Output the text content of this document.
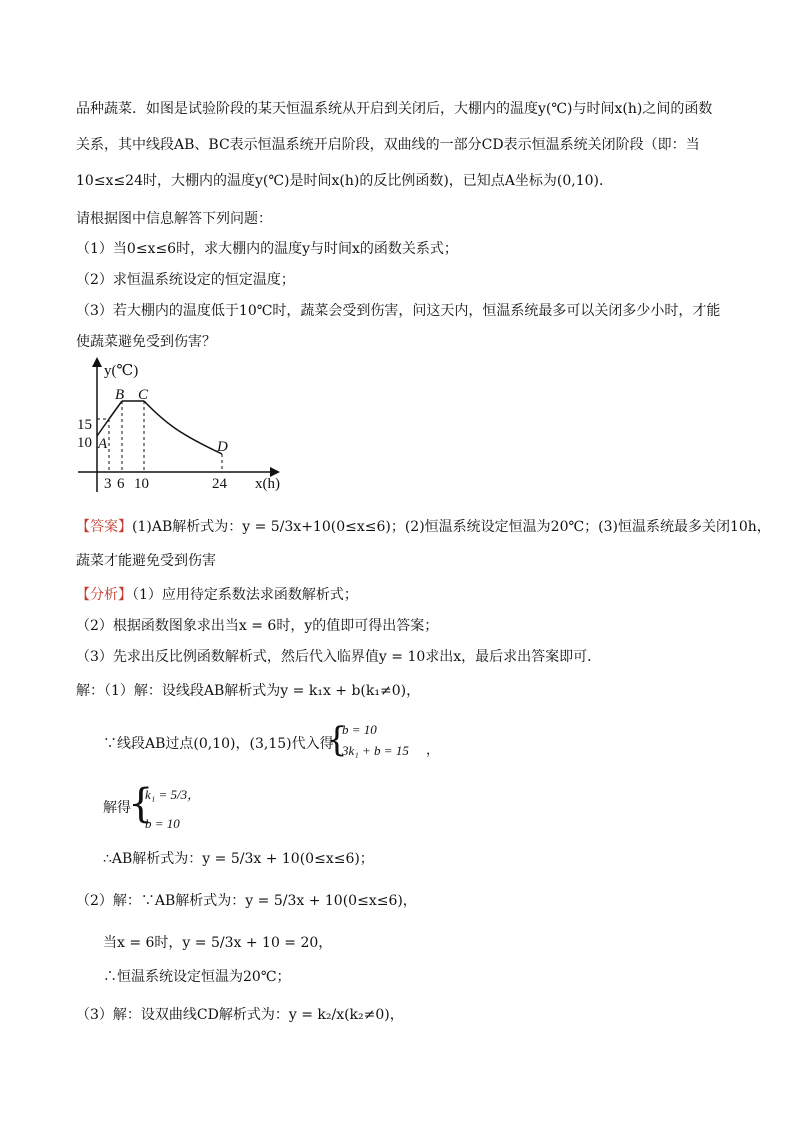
品种蔬菜．如图是试验阶段的某天恒温系统从开启到关闭后，大棚内的温度y(℃)与时间x(h)之间的函数
关系，其中线段AB、BC表示恒温系统开启阶段，双曲线的一部分CD表示恒温系统关闭阶段（即：当
10≤x≤24时，大棚内的温度y(℃)是时间x(h)的反比例函数)，已知点A坐标为(0,10)．
请根据图中信息解答下列问题：
（1）当0≤x≤6时，求大棚内的温度y与时间x的函数关系式；
（2）求恒温系统设定的恒定温度；
（3）若大棚内的温度低于10℃时，蔬菜会受到伤害，问这天内，恒温系统最多可以关闭多少小时，才能
使蔬菜避免受到伤害？
y(℃)
x(h)
B C
D
A
15
10
3 6 10	24
【答案】(1)AB解析式为：y = 5/3x+10(0≤x≤6)；(2)恒温系统设定恒温为20℃；(3)恒温系统最多关闭10h，
蔬菜才能避免受到伤害
【分析】（1）应用待定系数法求函数解析式；
（2）根据函数图象求出当x = 6时，y的值即可得出答案；
（3）先求出反比例函数解析式，然后代入临界值y = 10求出x，最后求出答案即可．
解：（1）解：设线段AB解析式为y = k₁x + b(k₁≠0)，
∵线段AB过点(0,10)，(3,15)代入得
{
b = 10
3k₁ + b = 15 ，
解得
{
k₁ = 5/3，
b = 10
∴AB解析式为：y = 5/3x + 10(0≤x≤6)；
（2）解：∵AB解析式为：y = 5/3x + 10(0≤x≤6)，
当x = 6时，y = 5/3x + 10 = 20，
∴恒温系统设定恒温为20℃；
（3）解：设双曲线CD解析式为：y = k₂/x(k₂≠0)，
